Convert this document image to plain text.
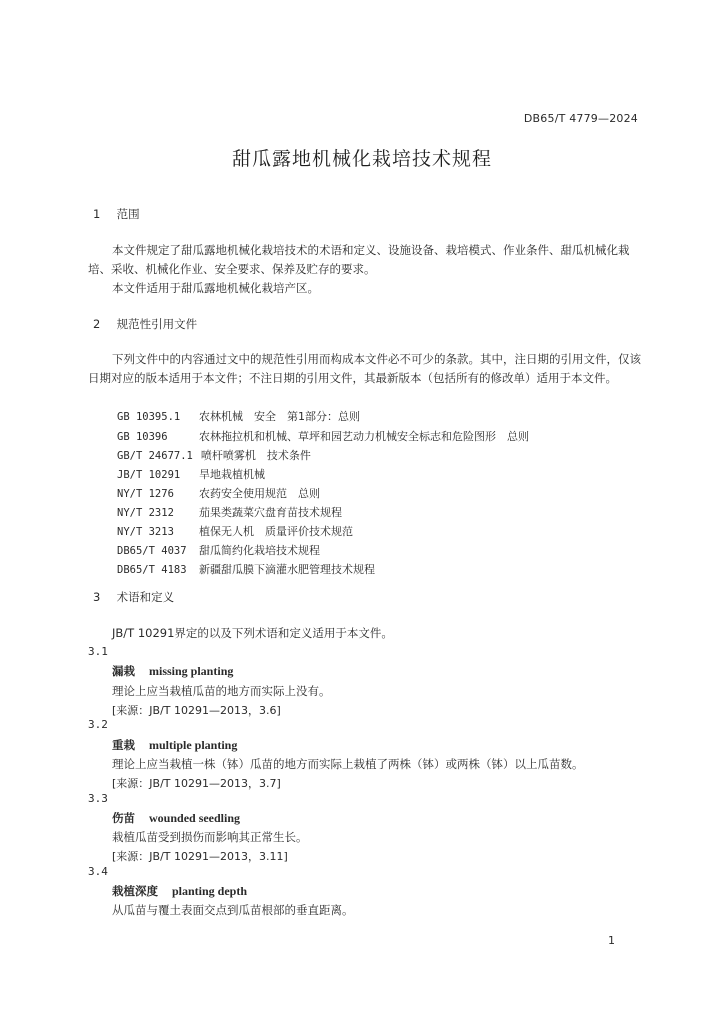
DB65/T 4779—2024
甜瓜露地机械化栽培技术规程
1 范围
本文件规定了甜瓜露地机械化栽培技术的术语和定义、设施设备、栽培模式、作业条件、甜瓜机械化栽培、采收、机械化作业、安全要求、保养及贮存的要求。
本文件适用于甜瓜露地机械化栽培产区。
2 规范性引用文件
下列文件中的内容通过文中的规范性引用而构成本文件必不可少的条款。其中，注日期的引用文件，仅该日期对应的版本适用于本文件；不注日期的引用文件，其最新版本（包括所有的修改单）适用于本文件。
GB 10395.1 农林机械　安全　第1部分：总则
GB 10396	农林拖拉机和机械、草坪和园艺动力机械安全标志和危险图形　总则
GB/T 24677.1 喷杆喷雾机　技术条件
JB/T 10291 旱地栽植机械
NY/T 1276 农药安全使用规范　总则
NY/T 2312 茄果类蔬菜穴盘育苗技术规程
NY/T 3213 植保无人机　质量评价技术规范
DB65/T 4037 甜瓜简约化栽培技术规程
DB65/T 4183 新疆甜瓜膜下滴灌水肥管理技术规程
3 术语和定义
JB/T 10291界定的以及下列术语和定义适用于本文件。
3.1
漏栽 missing planting
理论上应当栽植瓜苗的地方而实际上没有。
[来源：JB/T 10291—2013，3.6]
3.2
重栽 multiple planting
理论上应当栽植一株（钵）瓜苗的地方而实际上栽植了两株（钵）或两株（钵）以上瓜苗数。
[来源：JB/T 10291—2013，3.7]
3.3
伤苗 wounded seedling
栽植瓜苗受到损伤而影响其正常生长。
[来源：JB/T 10291—2013，3.11]
3.4
栽植深度 planting depth
从瓜苗与覆土表面交点到瓜苗根部的垂直距离。
1
